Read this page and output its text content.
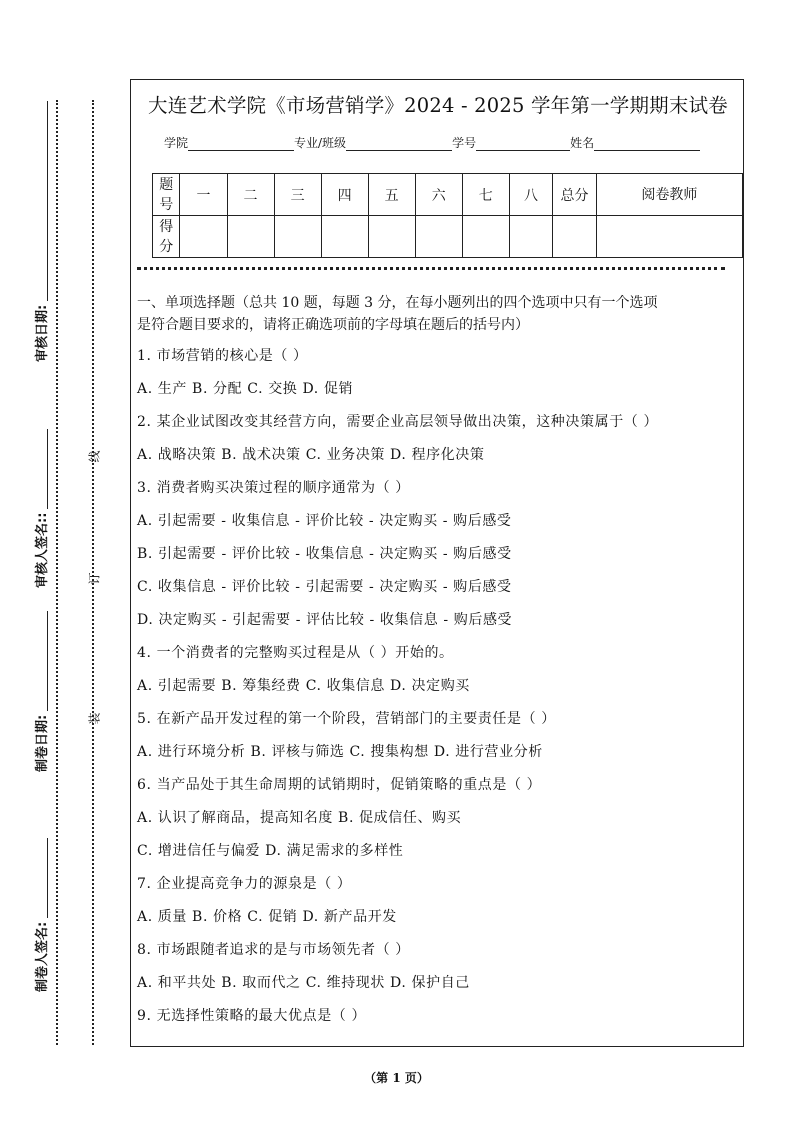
审核日期:
审核人签名::
制卷日期:
制卷人签名:
线
订
装
大连艺术学院《市场营销学》2024 - 2025 学年第一学期期末试卷
学院	专业/班级	学号	姓名
题号	一	二	三	四	五	六	七	八	总分	阅卷教师
得分										

一、单项选择题（总共 10 题，每题 3 分，在每小题列出的四个选项中只有一个选项

是符合题目要求的，请将正确选项前的字母填在题后的括号内）

1. 市场营销的核心是（ ）

A. 生产 B. 分配 C. 交换 D. 促销

2. 某企业试图改变其经营方向，需要企业高层领导做出决策，这种决策属于（ ）

A. 战略决策 B. 战术决策 C. 业务决策 D. 程序化决策

3. 消费者购买决策过程的顺序通常为（ ）

A. 引起需要 - 收集信息 - 评价比较 - 决定购买 - 购后感受

B. 引起需要 - 评价比较 - 收集信息 - 决定购买 - 购后感受

C. 收集信息 - 评价比较 - 引起需要 - 决定购买 - 购后感受

D. 决定购买 - 引起需要 - 评估比较 - 收集信息 - 购后感受

4. 一个消费者的完整购买过程是从（ ）开始的。

A. 引起需要 B. 筹集经费 C. 收集信息 D. 决定购买

5. 在新产品开发过程的第一个阶段，营销部门的主要责任是（ ）

A. 进行环境分析 B. 评核与筛选 C. 搜集构想 D. 进行营业分析

6. 当产品处于其生命周期的试销期时，促销策略的重点是（ ）

A. 认识了解商品，提高知名度 B. 促成信任、购买

C. 增进信任与偏爱 D. 满足需求的多样性

7. 企业提高竞争力的源泉是（ ）

A. 质量 B. 价格 C. 促销 D. 新产品开发

8. 市场跟随者追求的是与市场领先者（ ）

A. 和平共处 B. 取而代之 C. 维持现状 D. 保护自己

9. 无选择性策略的最大优点是（ ）

（第 1 页）
